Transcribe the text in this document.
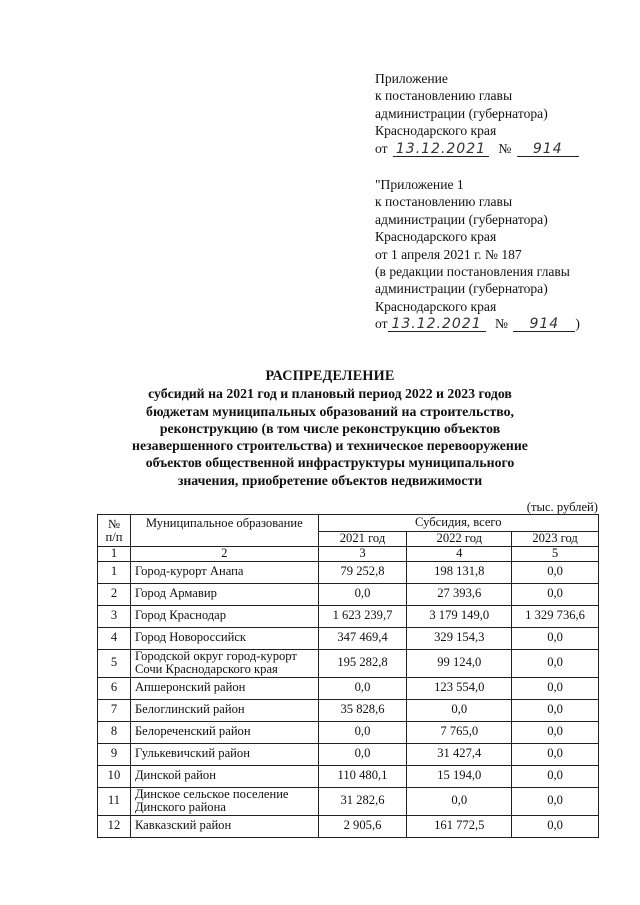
Приложение
к постановлению главы
администрации (губернатора)
Краснодарского края
от 13.12.2021 № 914
"Приложение 1
к постановлению главы
администрации (губернатора)
Краснодарского края
от 1 апреля 2021 г. № 187
(в редакции постановления главы
администрации (губернатора)
Краснодарского края
от 13.12.2021 № 914 )
РАСПРЕДЕЛЕНИЕ
субсидий на 2021 год и плановый период 2022 и 2023 годов
бюджетам муниципальных образований на строительство,
реконструкцию (в том числе реконструкцию объектов
незавершенного строительства) и техническое перевооружение
объектов общественной инфраструктуры муниципального
значения, приобретение объектов недвижимости
(тыс. рублей)
№
п/п	Муниципальное образование	Субсидия, всего		
		2021 год	2022 год	2023 год
1	2	3	4	5
1	Город-курорт Анапа	79 252,8	198 131,8	0,0
2	Город Армавир	0,0	27 393,6	0,0
3	Город Краснодар	1 623 239,7	3 179 149,0	1 329 736,6
4	Город Новороссийск	347 469,4	329 154,3	0,0
5	Городской округ город-курорт
Сочи Краснодарского края	195 282,8	99 124,0	0,0
6	Апшеронский район	0,0	123 554,0	0,0
7	Белоглинский район	35 828,6	0,0	0,0
8	Белореченский район	0,0	7 765,0	0,0
9	Гулькевичский район	0,0	31 427,4	0,0
10	Динской район	110 480,1	15 194,0	0,0
11	Динское сельское поселение
Динского района	31 282,6	0,0	0,0
12	Кавказский район	2 905,6	161 772,5	0,0
